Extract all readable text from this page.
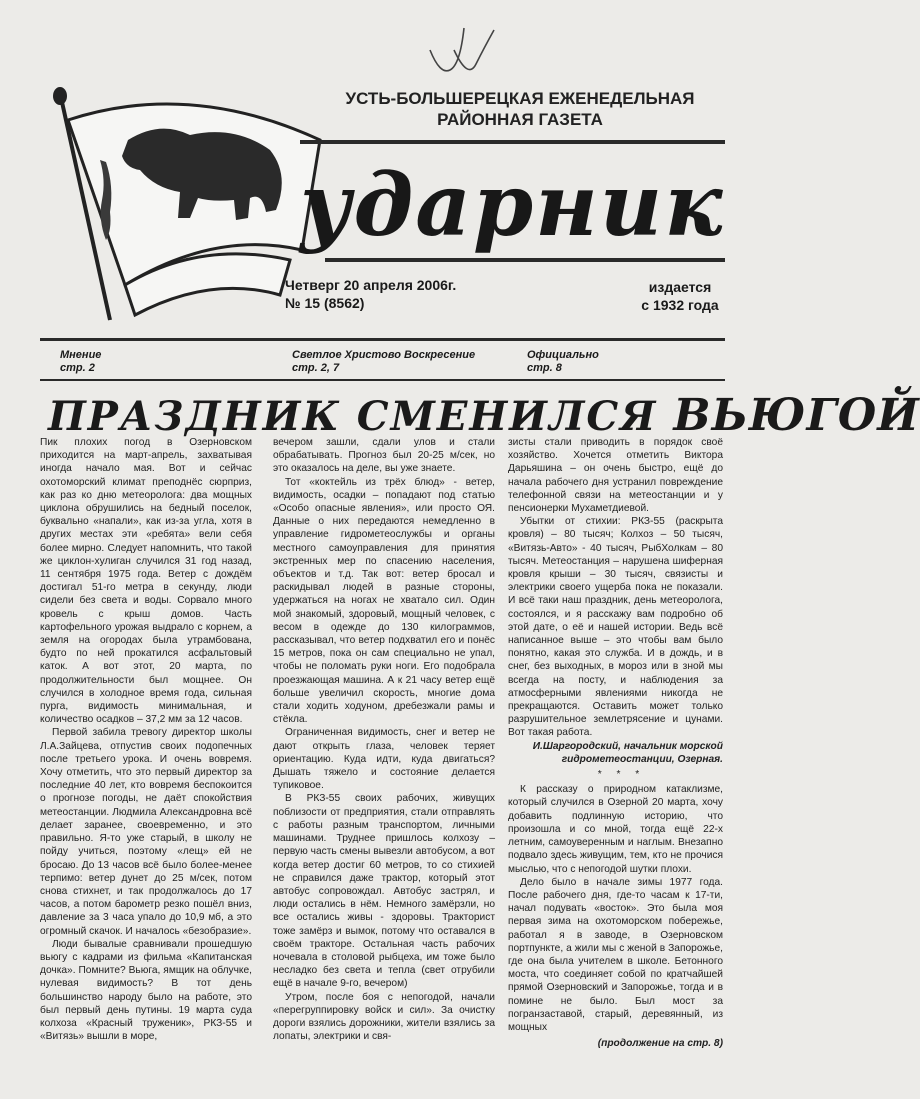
УСТЬ-БОЛЬШЕРЕЦКАЯ ЕЖЕНЕДЕЛЬНАЯ
РАЙОННАЯ ГАЗЕТА
ударник
Четверг 20 апреля 2006г.
№ 15 (8562)
издается
с 1932 года
Мнение
стр. 2
Светлое Христово Воскресение
стр. 2, 7
Официально
стр. 8
ПРАЗДНИК СМЕНИЛСЯ ВЬЮГОЙ

Пик плохих погод в Озерновском приходится на март-апрель, захватывая иногда начало мая. Вот и сейчас охотоморский климат преподнёс сюрприз, как раз ко дню метеоролога: два мощных циклона обрушились на бедный поселок, буквально «напали», как из-за угла, хотя в других местах эти «ребята» вели себя более мирно. Следует напомнить, что такой же циклон-хулиган случился 31 год назад, 11 сентября 1975 года. Ветер с дождём достигал 51-го метра в секунду, люди сидели без света и воды. Сорвало много кровель с крыш домов. Часть картофельного урожая выдрало с корнем, а земля на огородах была утрамбована, будто по ней прокатился асфальтовый каток. А вот этот, 20 марта, по продолжительности был мощнее. Он случился в холодное время года, сильная пурга, видимость минимальная, и количество осадков – 37,2 мм за 12 часов.

Первой забила тревогу директор школы Л.А.Зайцева, отпустив своих подопечных после третьего урока. И очень вовремя. Хочу отметить, что это первый директор за последние 40 лет, кто вовремя беспокоится о прогнозе погоды, не даёт спокойствия метеостанции. Людмила Александровна всё делает заранее, своевременно, и это правильно. Я-то уже старый, в школу не пойду учиться, поэтому «лещ» ей не бросаю. До 13 часов всё было более-менее терпимо: ветер дунет до 25 м/сек, потом снова стихнет, и так продолжалось до 17 часов, а потом барометр резко пошёл вниз, давление за 3 часа упало до 10,9 мб, а это огромный скачок. И началось «безобразие».

Люди бывалые сравнивали прошедшую вьюгу с кадрами из фильма «Капитанская дочка». Помните? Вьюга, ямщик на облучке, нулевая видимость? В тот день большинство народу было на работе, это был первый день путины. 19 марта суда колхоза «Красный труженик», РКЗ-55 и «Витязь» вышли в море,

вечером зашли, сдали улов и стали обрабатывать. Прогноз был 20-25 м/сек, но это оказалось на деле, вы уже знаете.

Тот «коктейль из трёх блюд» - ветер, видимость, осадки – попадают под статью «Особо опасные явления», или просто ОЯ. Данные о них передаются немедленно в управление гидрометеослужбы и органы местного самоуправления для принятия экстренных мер по спасению населения, объектов и т.д. Так вот: ветер бросал и раскидывал людей в разные стороны, удержаться на ногах не хватало сил. Один мой знакомый, здоровый, мощный человек, с весом в одежде до 130 килограммов, рассказывал, что ветер подхватил его и понёс 15 метров, пока он сам специально не упал, чтобы не поломать руки ноги. Его подобрала проезжающая машина. А к 21 часу ветер ещё больше увеличил скорость, многие дома стали ходить ходуном, дребезжали рамы и стёкла.

Ограниченная видимость, снег и ветер не дают открыть глаза, человек теряет ориентацию. Куда идти, куда двигаться? Дышать тяжело и состояние делается тупиковое.

В РКЗ-55 своих рабочих, живущих поблизости от предприятия, стали отправлять с работы разным транспортом, личными машинами. Труднее пришлось колхозу – первую часть смены вывезли автобусом, а вот когда ветер достиг 60 метров, то со стихией не справился даже трактор, который этот автобус сопровождал. Автобус застрял, и люди остались в нём. Немного замёрзли, но все остались живы - здоровы. Тракторист тоже замёрз и вымок, потому что оставался в своём тракторе. Остальная часть рабочих ночевала в столовой рыбцеха, им тоже было несладко без света и тепла (свет отрубили ещё в начале 9-го, вечером)

Утром, после боя с непогодой, начали «перегруппировку войск и сил». За очистку дороги взялись дорожники, жители взялись за лопаты, электрики и свя-

зисты стали приводить в порядок своё хозяйство. Хочется отметить Виктора Дарьяшина – он очень быстро, ещё до начала рабочего дня устранил повреждение телефонной связи на метеостанции и у пенсионерки Мухаметдиевой.

Убытки от стихии: РКЗ-55 (раскрыта кровля) – 80 тысяч; Колхоз – 50 тысяч, «Витязь-Авто» - 40 тысяч, РыбХолкам – 80 тысяч. Метеостанция – нарушена шиферная кровля крыши – 30 тысяч, связисты и электрики своего ущерба пока не показали. И всё таки наш праздник, день метеоролога, состоялся, и я расскажу вам подробно об этой дате, о её и нашей истории. Ведь всё написанное выше – это чтобы вам было понятно, какая это служба. И в дождь, и в снег, без выходных, в мороз или в зной мы всегда на посту, и наблюдения за атмосферными явлениями никогда не прекращаются. Оставить может только разрушительное землетрясение и цунами. Вот такая работа.

И.Шаргородский, начальник морской гидрометеостанции, Озерная.

* * *

К рассказу о природном катаклизме, который случился в Озерной 20 марта, хочу добавить подлинную историю, что произошла и со мной, тогда ещё 22-х летним, самоуверенным и наглым. Внезапно подвало здесь живущим, тем, кто не прочися мыслью, что с непогодой шутки плохи.

Дело было в начале зимы 1977 года. После рабочего дня, где-то часам к 17-ти, начал подувать «восток». Это была моя первая зима на охотоморском побережье, работал я в заводе, в Озерновском портпункте, а жили мы с женой в Запорожье, где она была учителем в школе. Бетонного моста, что соединяет собой по кратчайшей прямой Озерновский и Запорожье, тогда и в помине не было. Был мост за погранзаставой, старый, деревянный, из мощных

(продолжение на стр. 8)
